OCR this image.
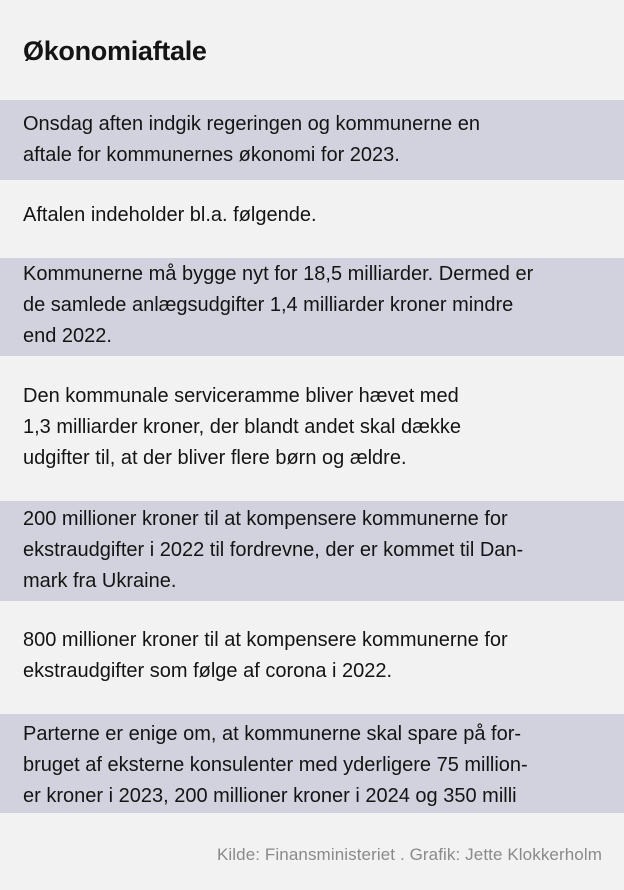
Økonomiaftale

Onsdag aften indgik regeringen og kommunerne en

aftale for kommunernes økonomi for 2023.

Aftalen indeholder bl.a. følgende.

Kommunerne må bygge nyt for 18,5 milliarder. Dermed er

de samlede anlægsudgifter 1,4 milliarder kroner mindre

end 2022.

Den kommunale serviceramme bliver hævet med

1,3 milliarder kroner, der blandt andet skal dække

udgifter til, at der bliver flere børn og ældre.

200 millioner kroner til at kompensere kommunerne for

ekstraudgifter i 2022 til fordrevne, der er kommet til Dan-

mark fra Ukraine.

800 millioner kroner til at kompensere kommunerne for

ekstraudgifter som følge af corona i 2022.

Parterne er enige om, at kommunerne skal spare på for-

bruget af eksterne konsulenter med yderligere 75 million-

er kroner i 2023, 200 millioner kroner i 2024 og 350 milli

Kilde: Finansministeriet . Grafik: Jette Klokkerholm
